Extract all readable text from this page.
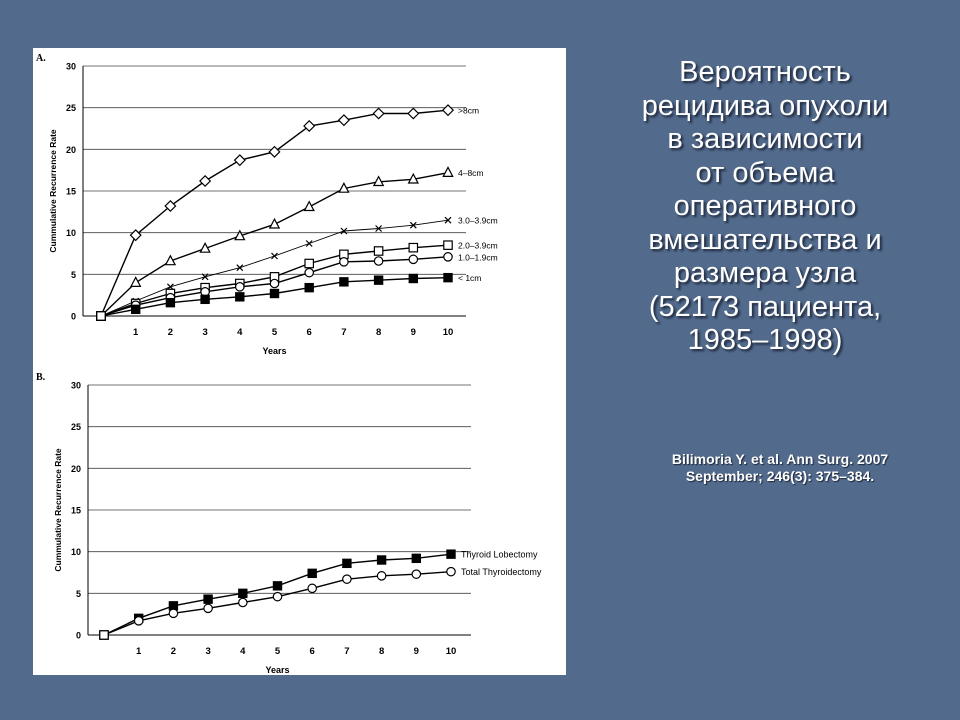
A.
0
5
10
15
20
25
30
1	2	3	4	5	6	7	8	9	10
Years
Cummulative Recurrence Rate
>8cm
4–8cm
3.0–3.9cm
2.0–3.9cm
1.0–1.9cm
< 1cm
B.
0
5
10
15
20
25
30
1	2	3	4	5	6	7	8	9	10
Years
Cummulative Recurrence Rate	Thyroid Lobectomy
Total Thyroidectomy
Вероятность
рецидива опухоли
в зависимости
от объема
оперативного
вмешательства и
размера узла
(52173 пациента,
1985–1998)
Bilimoria Y. et al. Ann Surg. 2007
September; 246(3): 375–384.
